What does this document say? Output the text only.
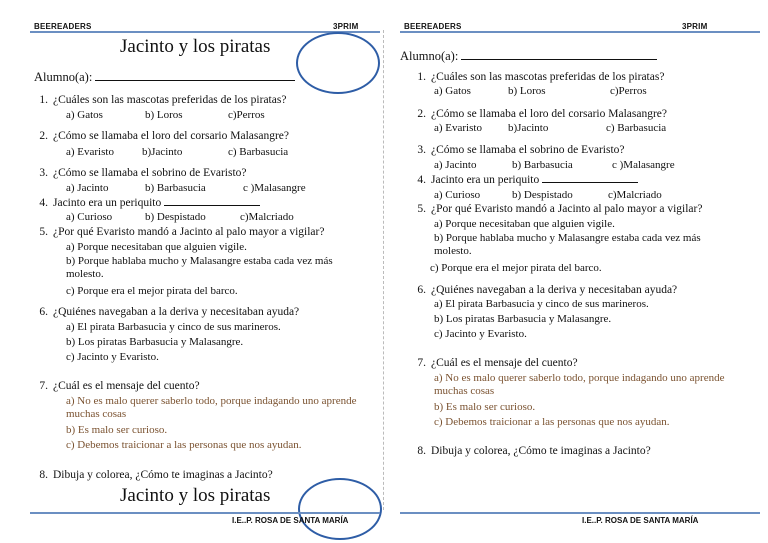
BEEREADERS	3PRIM
Jacinto y los piratas
Alumno(a):
1. ¿Cuáles son las mascotas preferidas de los piratas?
a) Gatos	b) Loros	c)Perros
2. ¿Cómo se llamaba el loro del corsario Malasangre?
a) Evaristo	b)Jacinto	c) Barbasucia
3. ¿Cómo se llamaba el sobrino de Evaristo?
a) Jacinto	b) Barbasucia	c )Malasangre
4. Jacinto era un periquito
a) Curioso	b) Despistado	c)Malcriado
5. ¿Por qué Evaristo mandó a Jacinto al palo mayor a vigilar?
a) Porque necesitaban que alguien vigile.
b) Porque hablaba mucho y Malasangre estaba cada vez más molesto.
c) Porque era el mejor pirata del barco.
6. ¿Quiénes navegaban a la deriva y necesitaban ayuda?
a) El pirata Barbasucia y cinco de sus marineros.
b) Los piratas Barbasucia y Malasangre.
c) Jacinto y Evaristo.
7. ¿Cuál es el mensaje del cuento?
a) No es malo querer saberlo todo, porque indagando uno aprende muchas cosas
b) Es malo ser curioso.
c) Debemos traicionar a las personas que nos ayudan.
8. Dibuja y colorea, ¿Cómo te imaginas a Jacinto?
Jacinto y los piratas
I.E..P. ROSA DE SANTA MARÍA
BEEREADERS	3PRIM
Alumno(a):
1. ¿Cuáles son las mascotas preferidas de los piratas?
a) Gatos	b) Loros	c)Perros
2. ¿Cómo se llamaba el loro del corsario Malasangre?
a) Evaristo b)Jacinto	c) Barbasucia
3. ¿Cómo se llamaba el sobrino de Evaristo?
a) Jacinto	b) Barbasucia	c )Malasangre
4. Jacinto era un periquito
a) Curioso	b) Despistado	c)Malcriado
5. ¿Por qué Evaristo mandó a Jacinto al palo mayor a vigilar?
a) Porque necesitaban que alguien vigile.
b) Porque hablaba mucho y Malasangre estaba cada vez más molesto.
c) Porque era el mejor pirata del barco.
6. ¿Quiénes navegaban a la deriva y necesitaban ayuda?
a) El pirata Barbasucia y cinco de sus marineros.
b) Los piratas Barbasucia y Malasangre.
c) Jacinto y Evaristo.
7. ¿Cuál es el mensaje del cuento?
a) No es malo querer saberlo todo, porque indagando uno aprende muchas cosas
b) Es malo ser curioso.
c) Debemos traicionar a las personas que nos ayudan.
8. Dibuja y colorea, ¿Cómo te imaginas a Jacinto?
I.E..P. ROSA DE SANTA MARÍA
